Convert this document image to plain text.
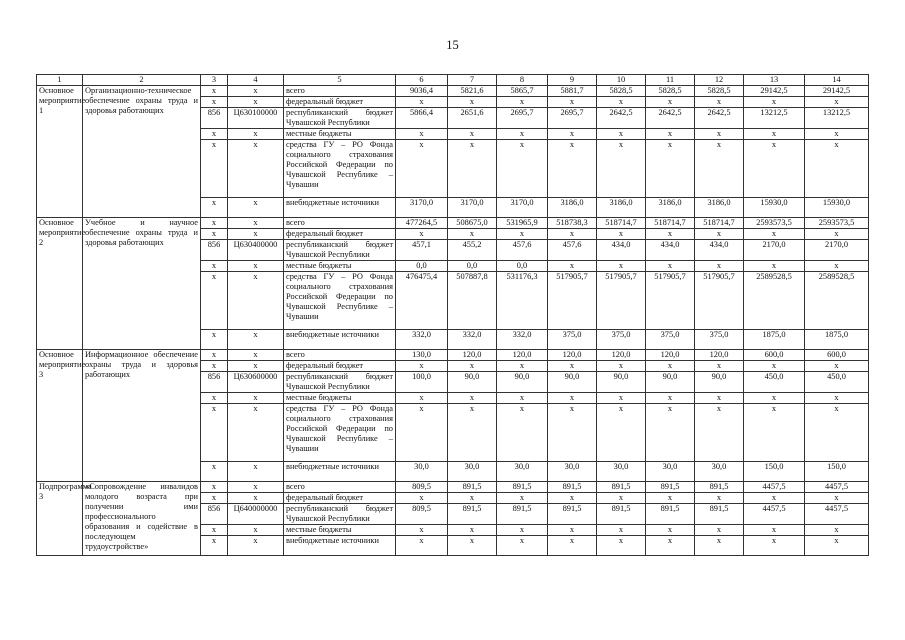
15
1	2	3	4	5	6	7	8	9	10	11	12	13	14
Основное мероприятие 1	Организационно-техническое обеспечение охраны труда и здоровья работающих	x	x	всего	9036,4	5821,6	5865,7	5881,7	5828,5	5828,5	5828,5	29142,5	29142,5
		x	x	федеральный бюджет	x	x	x	x	x	x	x	x	x
		856	Ц630100000	республиканский бюджет Чувашской Республики	5866,4	2651,6	2695,7	2695,7	2642,5	2642,5	2642,5	13212,5	13212,5
		x	x	местные бюджеты	x	x	x	x	x	x	x	x	x
		x	x	средства ГУ – РО Фонда социального страхования Российской Федерации по Чувашской Республике – Чувашии	x	x	x	x	x	x	x	x	x
		x	x	внебюджетные источники	3170,0	3170,0	3170,0	3186,0	3186,0	3186,0	3186,0	15930,0	15930,0
Основное мероприятие 2	Учебное и научное обеспечение охраны труда и здоровья работающих	x	x	всего	477264,5	508675,0	531965,9	518738,3	518714,7	518714,7	518714,7	2593573,5	2593573,5
		x	x	федеральный бюджет	x	x	x	x	x	x	x	x	x
		856	Ц630400000	республиканский бюджет Чувашской Республики	457,1	455,2	457,6	457,6	434,0	434,0	434,0	2170,0	2170,0
		x	x	местные бюджеты	0,0	0,0	0,0	x	x	x	x	x	x
		x	x	средства ГУ – РО Фонда социального страхования Российской Федерации по Чувашской Республике – Чувашии	476475,4	507887,8	531176,3	517905,7	517905,7	517905,7	517905,7	2589528,5	2589528,5
		x	x	внебюджетные источники	332,0	332,0	332,0	375,0	375,0	375,0	375,0	1875,0	1875,0
Основное мероприятие 3	Информационное обеспечение охраны труда и здоровья работающих	x	x	всего	130,0	120,0	120,0	120,0	120,0	120,0	120,0	600,0	600,0
		x	x	федеральный бюджет	x	x	x	x	x	x	x	x	x
		856	Ц630600000	республиканский бюджет Чувашской Республики	100,0	90,0	90,0	90,0	90,0	90,0	90,0	450,0	450,0
		x	x	местные бюджеты	x	x	x	x	x	x	x	x	x
		x	x	средства ГУ – РО Фонда социального страхования Российской Федерации по Чувашской Республике – Чувашии	x	x	x	x	x	x	x	x	x
		x	x	внебюджетные источники	30,0	30,0	30,0	30,0	30,0	30,0	30,0	150,0	150,0
Подпрограмма 3	«Сопровождение инвалидов молодого возраста при получении ими профессионального образования и содействие в последующем трудоустройстве»	x	x	всего	809,5	891,5	891,5	891,5	891,5	891,5	891,5	4457,5	4457,5
		x	x	федеральный бюджет	x	x	x	x	x	x	x	x	x
		856	Ц640000000	республиканский бюджет Чувашской Республики	809,5	891,5	891,5	891,5	891,5	891,5	891,5	4457,5	4457,5
		x	x	местные бюджеты	x	x	x	x	x	x	x	x	x
		x	x	внебюджетные источники	x	x	x	x	x	x	x	x	x
